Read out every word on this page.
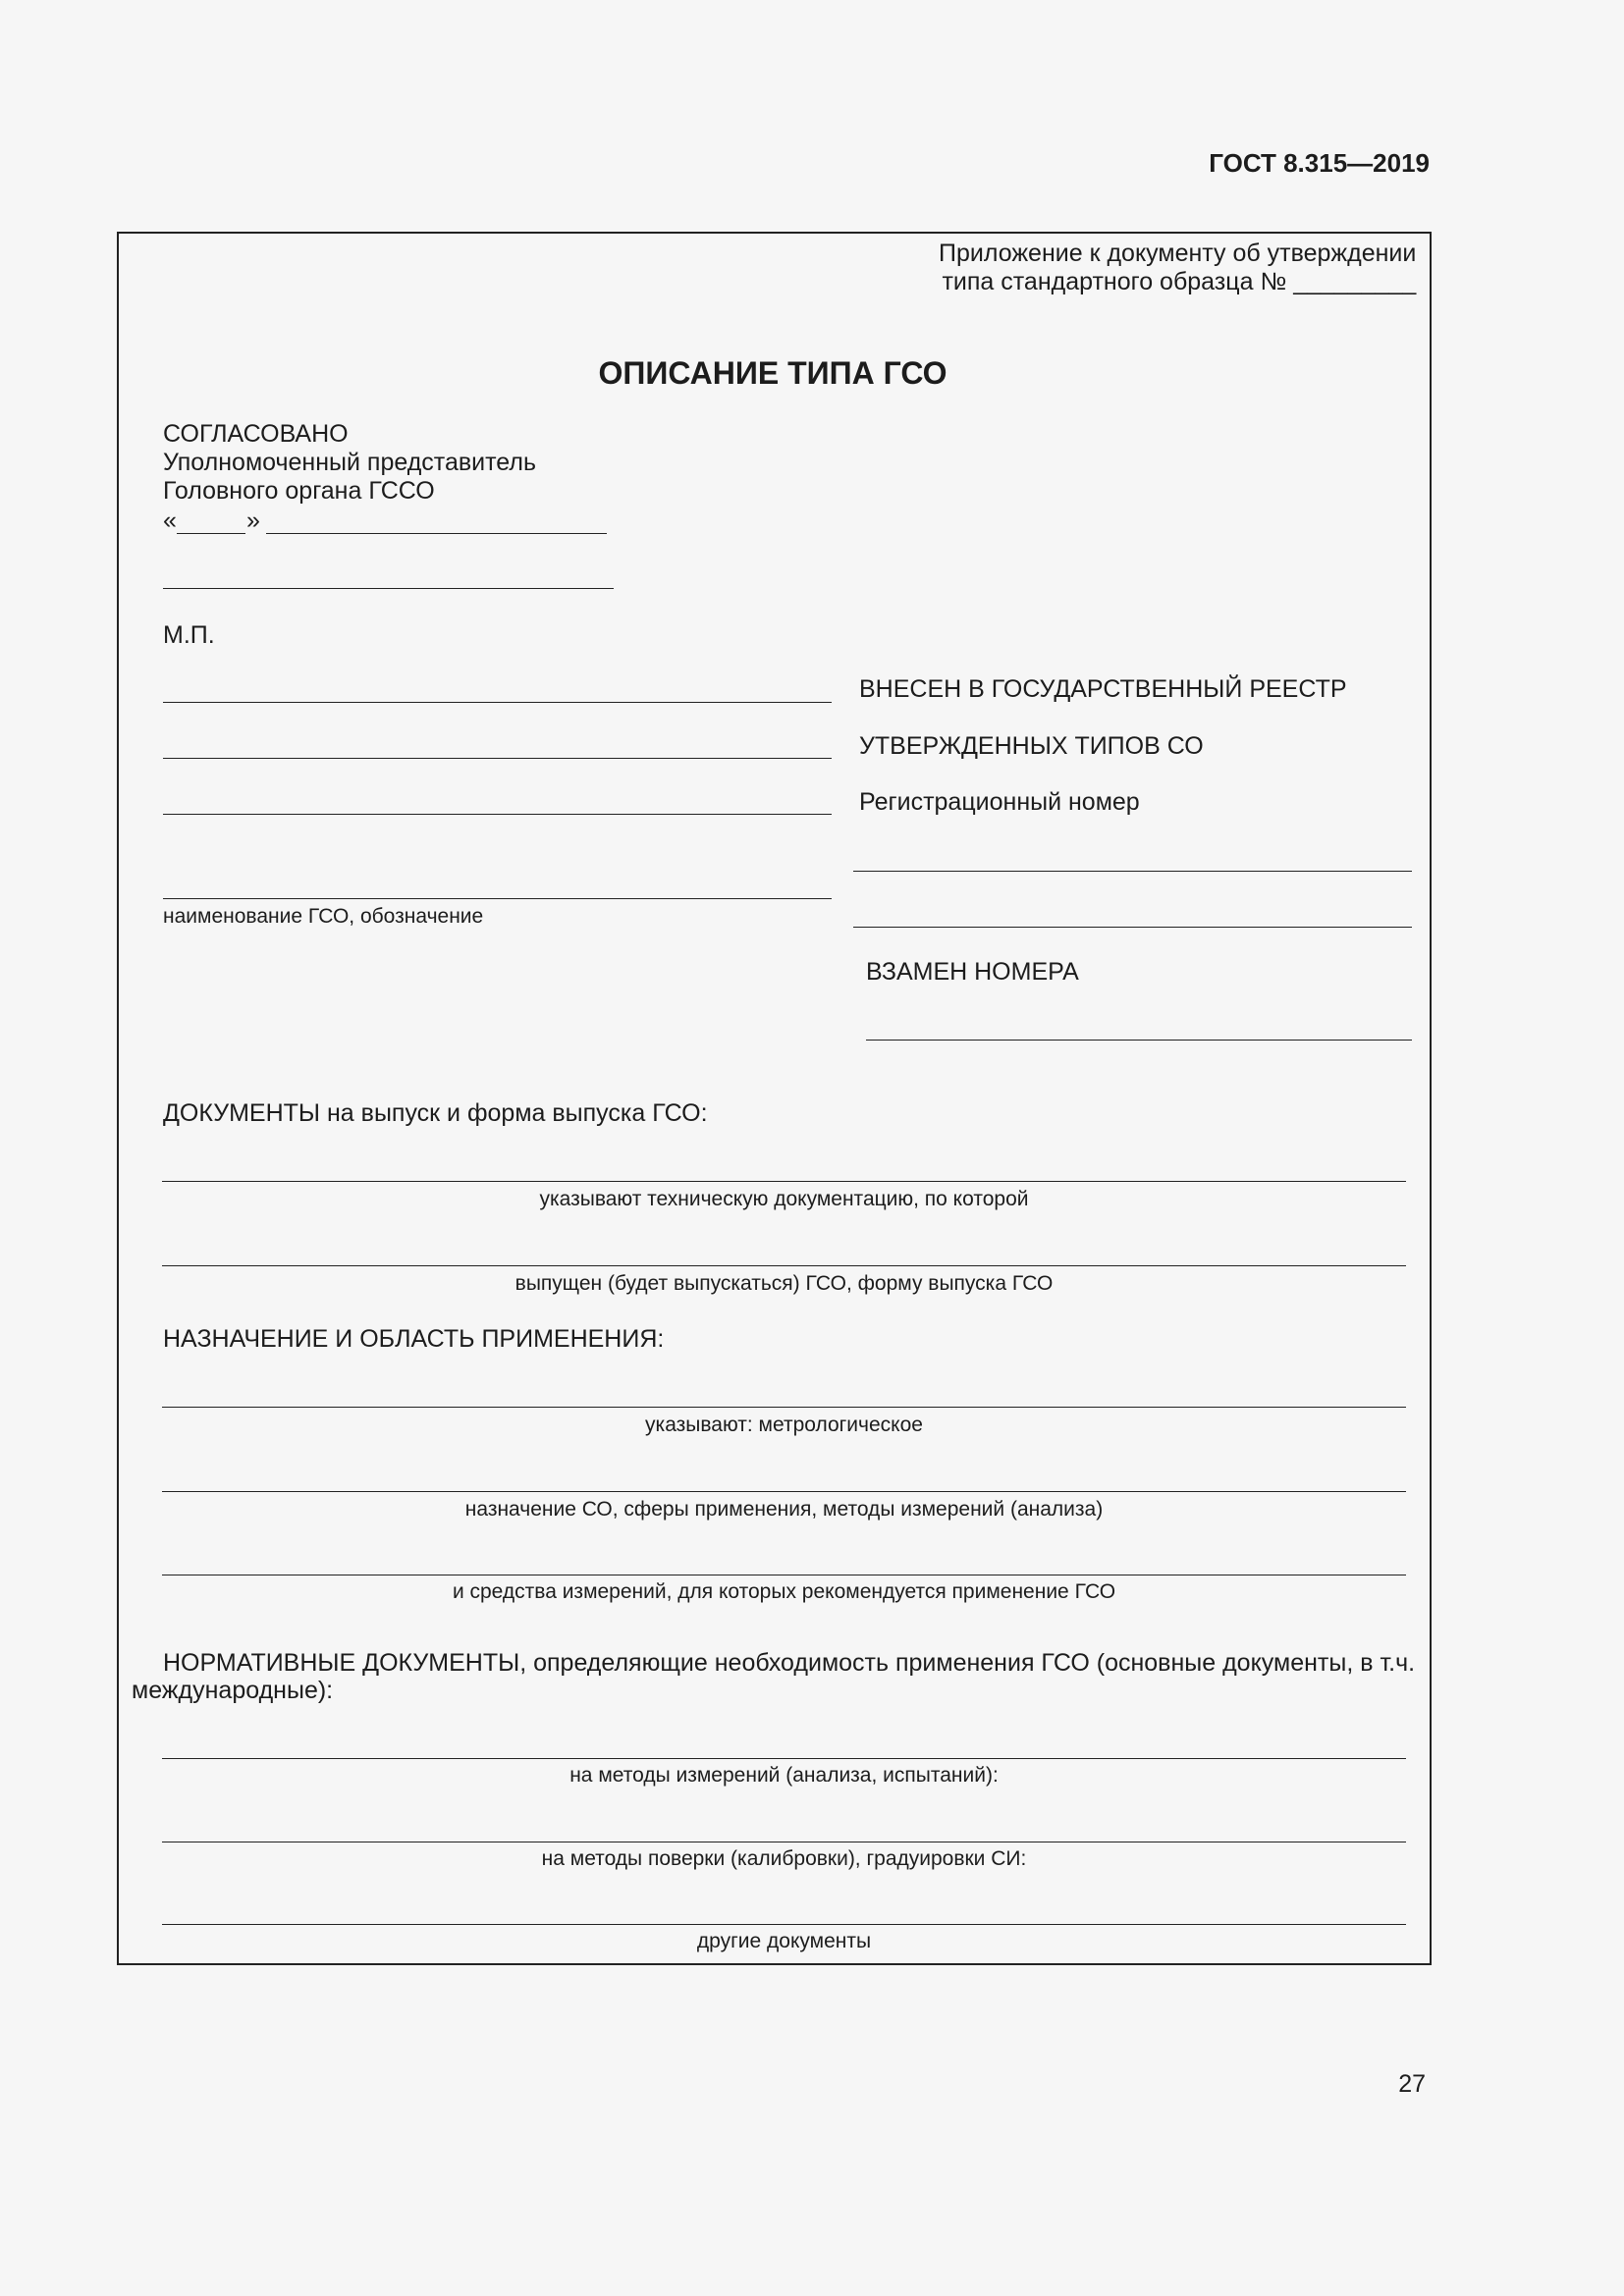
ГОСТ 8.315—2019
Приложение к документу об утверждении
типа стандартного образца № _________
ОПИСАНИЕ ТИПА ГСО
СОГЛАСОВАНО
Уполномоченный представитель
Головного органа ГССО
«	»
М.П.
наименование ГСО, обозначение
ВНЕСЕН В ГОСУДАРСТВЕННЫЙ РЕЕСТР
УТВЕРЖДЕННЫХ ТИПОВ СО
Регистрационный номер
ВЗАМЕН НОМЕРА
ДОКУМЕНТЫ на выпуск и форма выпуска ГСО:
указывают техническую документацию, по которой
выпущен (будет выпускаться) ГСО, форму выпуска ГСО
НАЗНАЧЕНИЕ И ОБЛАСТЬ ПРИМЕНЕНИЯ:
указывают: метрологическое
назначение СО, сферы применения, методы измерений (анализа)
и средства измерений, для которых рекомендуется применение ГСО
НОРМАТИВНЫЕ ДОКУМЕНТЫ, определяющие необходимость применения ГСО (основные документы, в т.ч.
международные):
на методы измерений (анализа, испытаний):
на методы поверки (калибровки), градуировки СИ:
другие документы
27
